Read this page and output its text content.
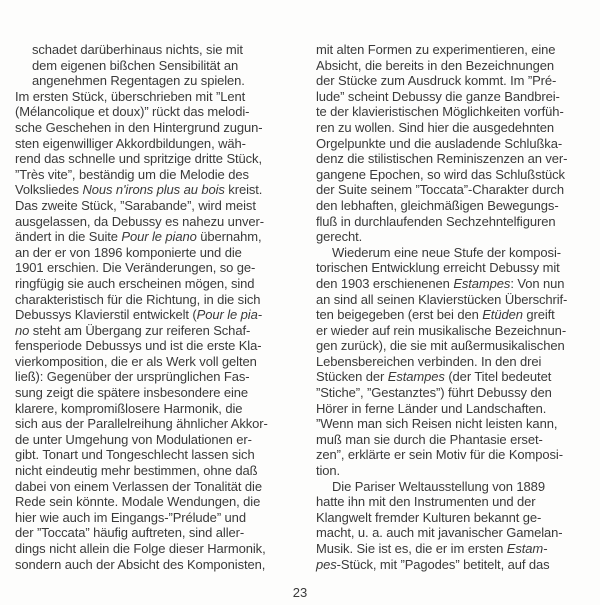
schadet darüberhinaus nichts, sie mit
dem eigenen bißchen Sensibilität an
angenehmen Regentagen zu spielen.
Im ersten Stück, überschrieben mit ”Lent
(Mélancolique et doux)” rückt das melodi-
sche Geschehen in den Hintergrund zugun-
sten eigenwilliger Akkordbildungen, wäh-
rend das schnelle und spritzige dritte Stück,
”Très vite”, beständig um die Melodie des
Volksliedes Nous n'irons plus au bois kreist.
Das zweite Stück, ”Sarabande”, wird meist
ausgelassen, da Debussy es nahezu unver-
ändert in die Suite Pour le piano übernahm,
an der er von 1896 komponierte und die
1901 erschien. Die Veränderungen, so ge-
ringfügig sie auch erscheinen mögen, sind
charakteristisch für die Richtung, in die sich
Debussys Klavierstil entwickelt (Pour le pia-
no steht am Übergang zur reiferen Schaf-
fensperiode Debussys und ist die erste Kla-
vierkomposition, die er als Werk voll gelten
ließ): Gegenüber der ursprünglichen Fas-
sung zeigt die spätere insbesondere eine
klarere, kompromißlosere Harmonik, die
sich aus der Parallelreihung ähnlicher Akkor-
de unter Umgehung von Modulationen er-
gibt. Tonart und Tongeschlecht lassen sich
nicht eindeutig mehr bestimmen, ohne daß
dabei von einem Verlassen der Tonalität die
Rede sein könnte. Modale Wendungen, die
hier wie auch im Eingangs-”Prélude” und
der ”Toccata” häufig auftreten, sind aller-
dings nicht allein die Folge dieser Harmonik,
sondern auch der Absicht des Komponisten,
mit alten Formen zu experimentieren, eine
Absicht, die bereits in den Bezeichnungen
der Stücke zum Ausdruck kommt. Im ”Pré-
lude” scheint Debussy die ganze Bandbrei-
te der klavieristischen Möglichkeiten vorfüh-
ren zu wollen. Sind hier die ausgedehnten
Orgelpunkte und die ausladende Schlußka-
denz die stilistischen Reminiszenzen an ver-
gangene Epochen, so wird das Schlußstück
der Suite seinem ”Toccata”-Charakter durch
den lebhaften, gleichmäßigen Bewegungs-
fluß in durchlaufenden Sechzehntelfiguren
gerecht.
Wiederum eine neue Stufe der komposi-
torischen Entwicklung erreicht Debussy mit
den 1903 erschienenen Estampes: Von nun
an sind all seinen Klavierstücken Überschrif-
ten beigegeben (erst bei den Etüden greift
er wieder auf rein musikalische Bezeichnun-
gen zurück), die sie mit außermusikalischen
Lebensbereichen verbinden. In den drei
Stücken der Estampes (der Titel bedeutet
”Stiche”, ”Gestanztes”) führt Debussy den
Hörer in ferne Länder und Landschaften.
”Wenn man sich Reisen nicht leisten kann,
muß man sie durch die Phantasie erset-
zen”, erklärte er sein Motiv für die Komposi-
tion.
Die Pariser Weltausstellung von 1889
hatte ihn mit den Instrumenten und der
Klangwelt fremder Kulturen bekannt ge-
macht, u. a. auch mit javanischer Gamelan-
Musik. Sie ist es, die er im ersten Estam-
pes-Stück, mit ”Pagodes” betitelt, auf das
23
